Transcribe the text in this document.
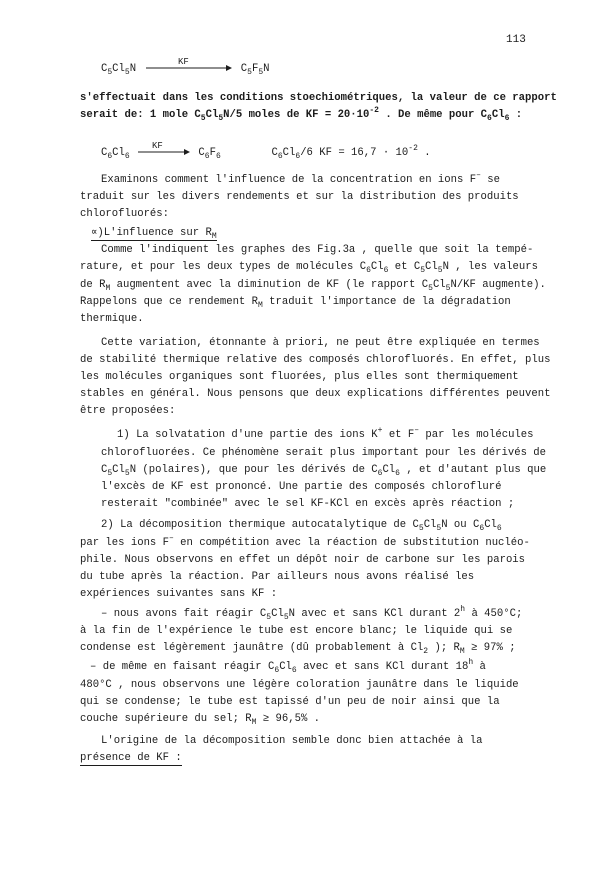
113
$C_5Cl_5N$
KF
$C_5F_5N$
s'effectuait dans les conditions stoechiométriques, la valeur de ce rapport
serait de: 1 mole $C_5Cl_5N/5$ moles de KF = $20\cdot 10^{-2}$ . De même pour $C_6Cl_6$ :
$C_6Cl_6$
KF
$C_6F_6$	$C_6Cl_6/6$ KF = $16,7 \cdot 10^{-2}$ .
Examinons comment l'influence de la concentration en ions F– se
traduit sur les divers rendements et sur la distribution des produits
chlorofluorés:
∝)L'influence sur $R_M$
Comme l'indiquent les graphes des Fig.3a , quelle que soit la tempé-
rature, et pour les deux types de molécules $C_6Cl_6$ et $C_5Cl_5N$ , les valeurs
de $R_M$ augmentent avec la diminution de KF (le rapport $C_5Cl_5N/KF$ augmente).
Rappelons que ce rendement $R_M$ traduit l'importance de la dégradation
thermique.
Cette variation, étonnante à priori, ne peut être expliquée en termes
de stabilité thermique relative des composés chlorofluorés. En effet, plus
les molécules organiques sont fluorées, plus elles sont thermiquement
stables en général. Nous pensons que deux explications différentes peuvent
être proposées:
1) La solvatation d'une partie des ions K+ et F– par les molécules
chlorofluorées. Ce phénomène serait plus important pour les dérivés de
$C_5Cl_5N$ (polaires), que pour les dérivés de $C_6Cl_6$ , et d'autant plus que
l'excès de KF est prononcé. Une partie des composés chlorofluré
resterait "combinée" avec le sel KF-KCl en excès après réaction ;
2) La décomposition thermique autocatalytique de $C_5Cl_5N$ ou $C_6Cl_6$
par les ions F– en compétition avec la réaction de substitution nucléo-
phile. Nous observons en effet un dépôt noir de carbone sur les parois
du tube après la réaction. Par ailleurs nous avons réalisé les
expériences suivantes sans KF :
– nous avons fait réagir $C_5Cl_5N$ avec et sans KCl durant 2$^h$ à 450°C;
à la fin de l'expérience le tube est encore blanc; le liquide qui se
condense est légèrement jaunâtre (dû probablement à $Cl_2$ ); $R_M \ge 97\%$ ;
– de même en faisant réagir $C_6Cl_6$ avec et sans KCl durant 18$^h$ à
480°C , nous observons une légère coloration jaunâtre dans le liquide
qui se condense; le tube est tapissé d'un peu de noir ainsi que la
couche supérieure du sel; $R_M \ge 96,5\%$ .
L'origine de la décomposition semble donc bien attachée à la
présence de KF :
